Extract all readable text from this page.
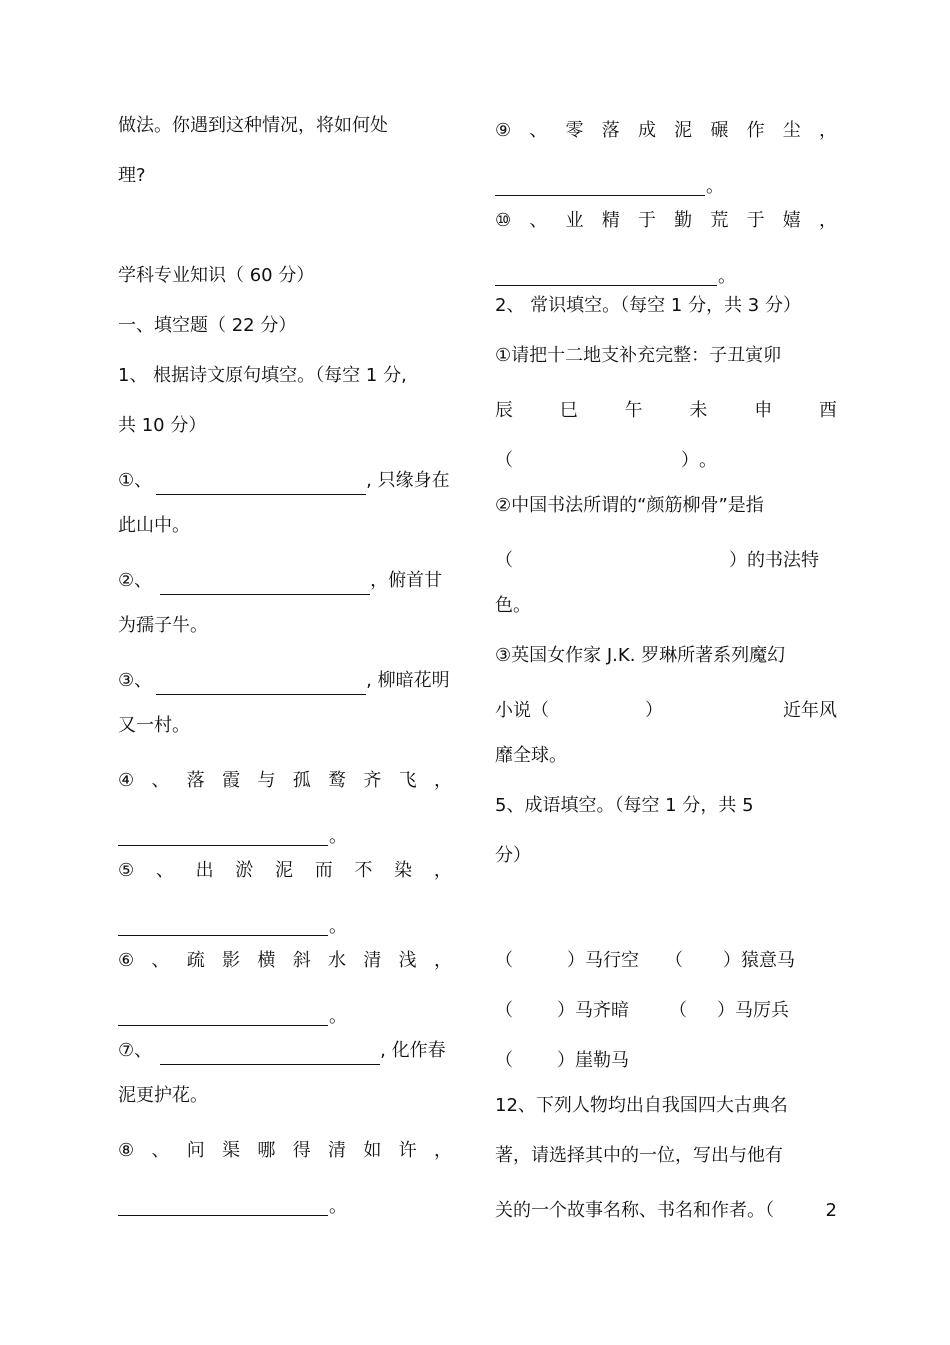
做法。你遇到这种情况，将如何处
理?
学科专业知识（ 60 分）
一、填空题（ 22 分）
1、 根据诗文原句填空。（每空 1 分,
共 10 分）
①、	, 只缘身在
此山中。
②、	，俯首甘
为孺子牛。
③、	, 柳暗花明
又一村。
④ 、 落 霞 与 孤 鹜 齐 飞 ，
。
⑤ 、 出 淤 泥 而 不 染 ，
。
⑥ 、 疏 影 横 斜 水 清 浅 ，
。
⑦、	, 化作春
泥更护花。
⑧ 、 问 渠 哪 得 清 如 许 ，
。
⑨ 、 零 落 成 泥 碾 作 尘 ，
。
⑩ 、 业 精 于 勤 荒 于 嬉 ，
。
2、 常识填空。（每空 1 分，共 3 分）
①请把十二地支补充完整：子丑寅卯
辰	巳	午	未	申	酉
（	） 。
②中国书法所谓的“颜筋柳骨”是指
（	）的书法特
色。
③英国女作家 J.K. 罗琳所著系列魔幻
小说（	）	近年风
靡全球。
5、成语填空。（每空 1 分，共 5
分）
（	）马行空 （ ）猿意马
（ ）马齐暗 （ ）马厉兵
（ ）崖勒马
12、下列人物均出自我国四大古典名
著，请选择其中的一位，写出与他有
关的一个故事名称、书名和作者。（	2
